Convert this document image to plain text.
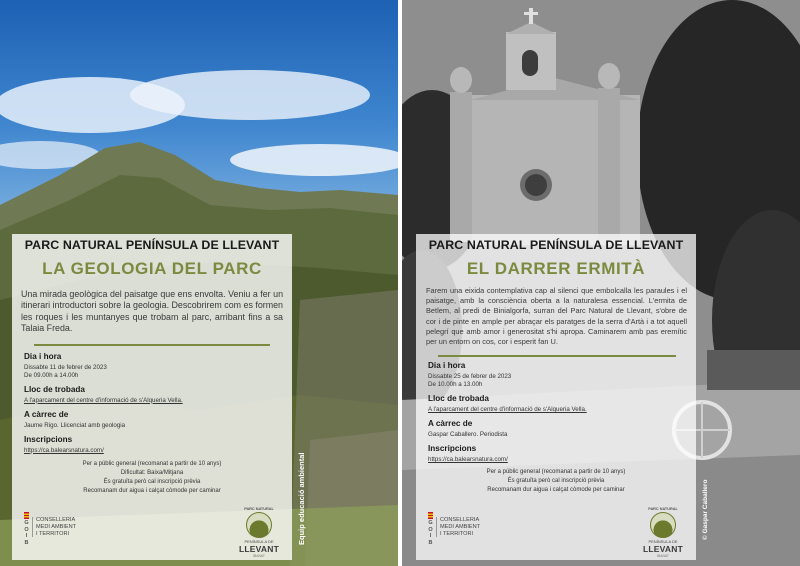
PARC NATURAL PENÍNSULA DE LLEVANT
LA GEOLOGIA DEL PARC
Una mirada geològica del paisatge que ens envolta. Veniu a fer un itinerari introductori sobre la geologia. Descobrirem com es formen les roques i les muntanyes que trobam al parc, arribant fins a sa Talaia Freda.
Dia i hora
Dissabte 11 de febrer de 2023
De 09.00h a 14.00h
Lloc de trobada
A l'aparcament del centre d'informació de s'Alqueria Vella.
A càrrec de
Jaume Rigo. Llicenciat amb geologia
Inscripcions
https://ca.balearsnatura.com/
Per a públic general (recomanat a partir de 10 anys)
Dificultat: Baixa/Mitjana
És gratuïta però cal inscripció prèvia
Recomanam dur aigua i calçat còmode per caminar
G
O
I
B
CONSELLERIA
MEDI AMBIENT
I TERRITORI
PARC NATURAL
PENÍNSULA DE
LLEVANT
IBANAT
Equip educació ambiental
PARC NATURAL PENÍNSULA DE LLEVANT
EL DARRER ERMITÀ
Farem una eixida contemplativa cap al silenci que embolcalla les paraules i el paisatge, amb la consciència oberta a la naturalesa essencial. L'ermita de Betlem, al predi de Binialgorfa, surran del Parc Natural de Llevant, s'obre de cor i de pinte en ample per abraçar els paratges de la serra d'Artà i a tot aquell pelegrí que amb amor i generositat s'hi apropa. Caminarem amb pas eremític per un entorn on cos, cor i esperit fan U.
Dia i hora
Dissabte 25 de febrer de 2023
De 10.00h a 13.00h
Lloc de trobada
A l'aparcament del centre d'informació de s'Alqueria Vella.
A càrrec de
Gaspar Caballero. Periodista
Inscripcions
https://ca.balearsnatura.com/
Per a públic general (recomanat a partir de 10 anys)
És gratuïta però cal inscripció prèvia
Recomanam dur aigua i calçat còmode per caminar
G
O
I
B
CONSELLERIA
MEDI AMBIENT
I TERRITORI
PARC NATURAL
PENÍNSULA DE
LLEVANT
IBANAT
© Gaspar Caballero
